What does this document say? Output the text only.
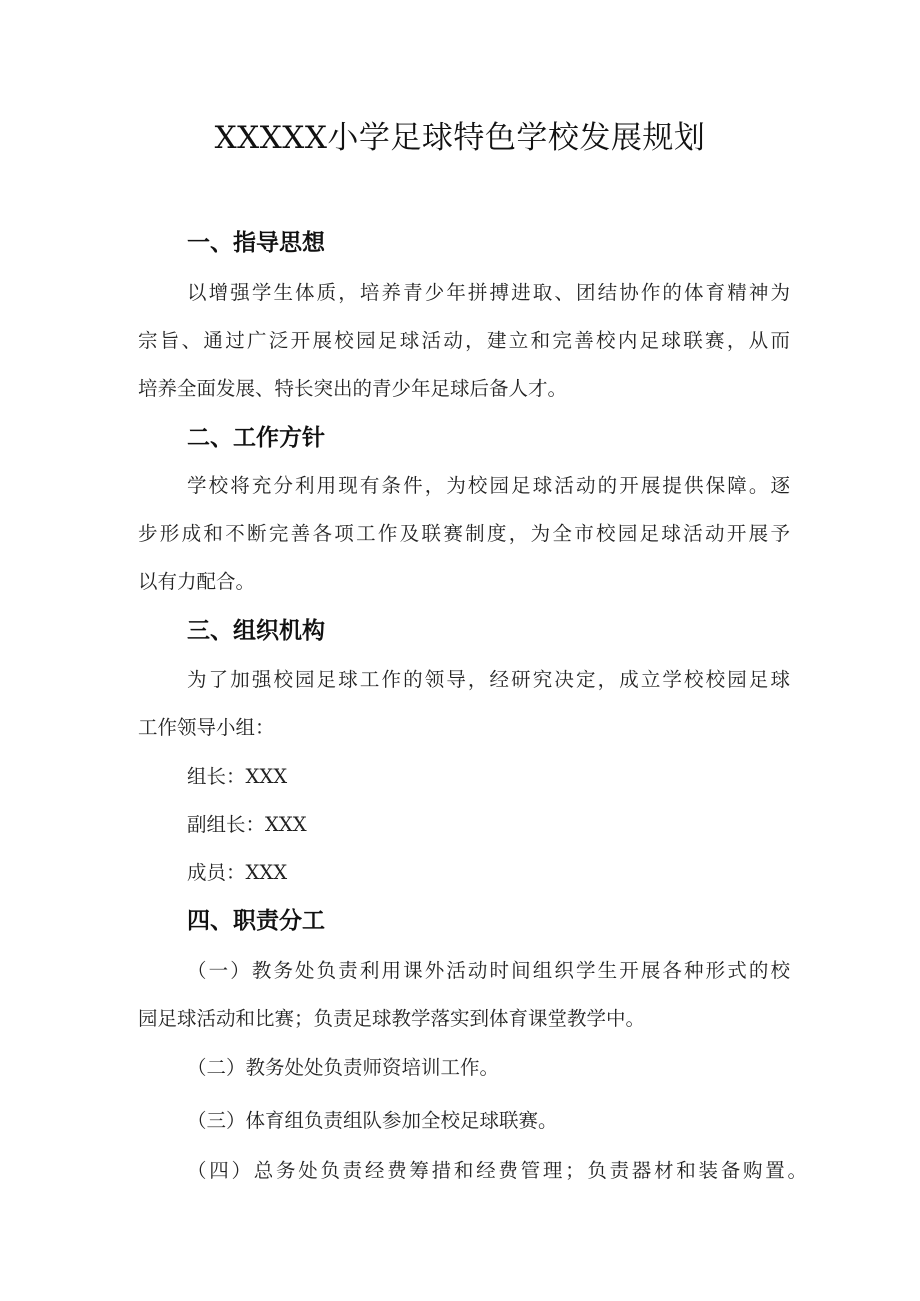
XXXXX小学足球特色学校发展规划
一、指导思想

以增强学生体质，培养青少年拼搏进取、团结协作的体育精神为

宗旨、通过广泛开展校园足球活动，建立和完善校内足球联赛，从而

培养全面发展、特长突出的青少年足球后备人才。

二、工作方针

学校将充分利用现有条件，为校园足球活动的开展提供保障。逐

步形成和不断完善各项工作及联赛制度，为全市校园足球活动开展予

以有力配合。

三、组织机构

为了加强校园足球工作的领导，经研究决定，成立学校校园足球

工作领导小组：

组长：XXX

副组长：XXX

成员：XXX

四、职责分工

（一）教务处负责利用课外活动时间组织学生开展各种形式的校

园足球活动和比赛；负责足球教学落实到体育课堂教学中。

（二）教务处处负责师资培训工作。

（三）体育组负责组队参加全校足球联赛。

（四）总务处负责经费筹措和经费管理；负责器材和装备购置。
